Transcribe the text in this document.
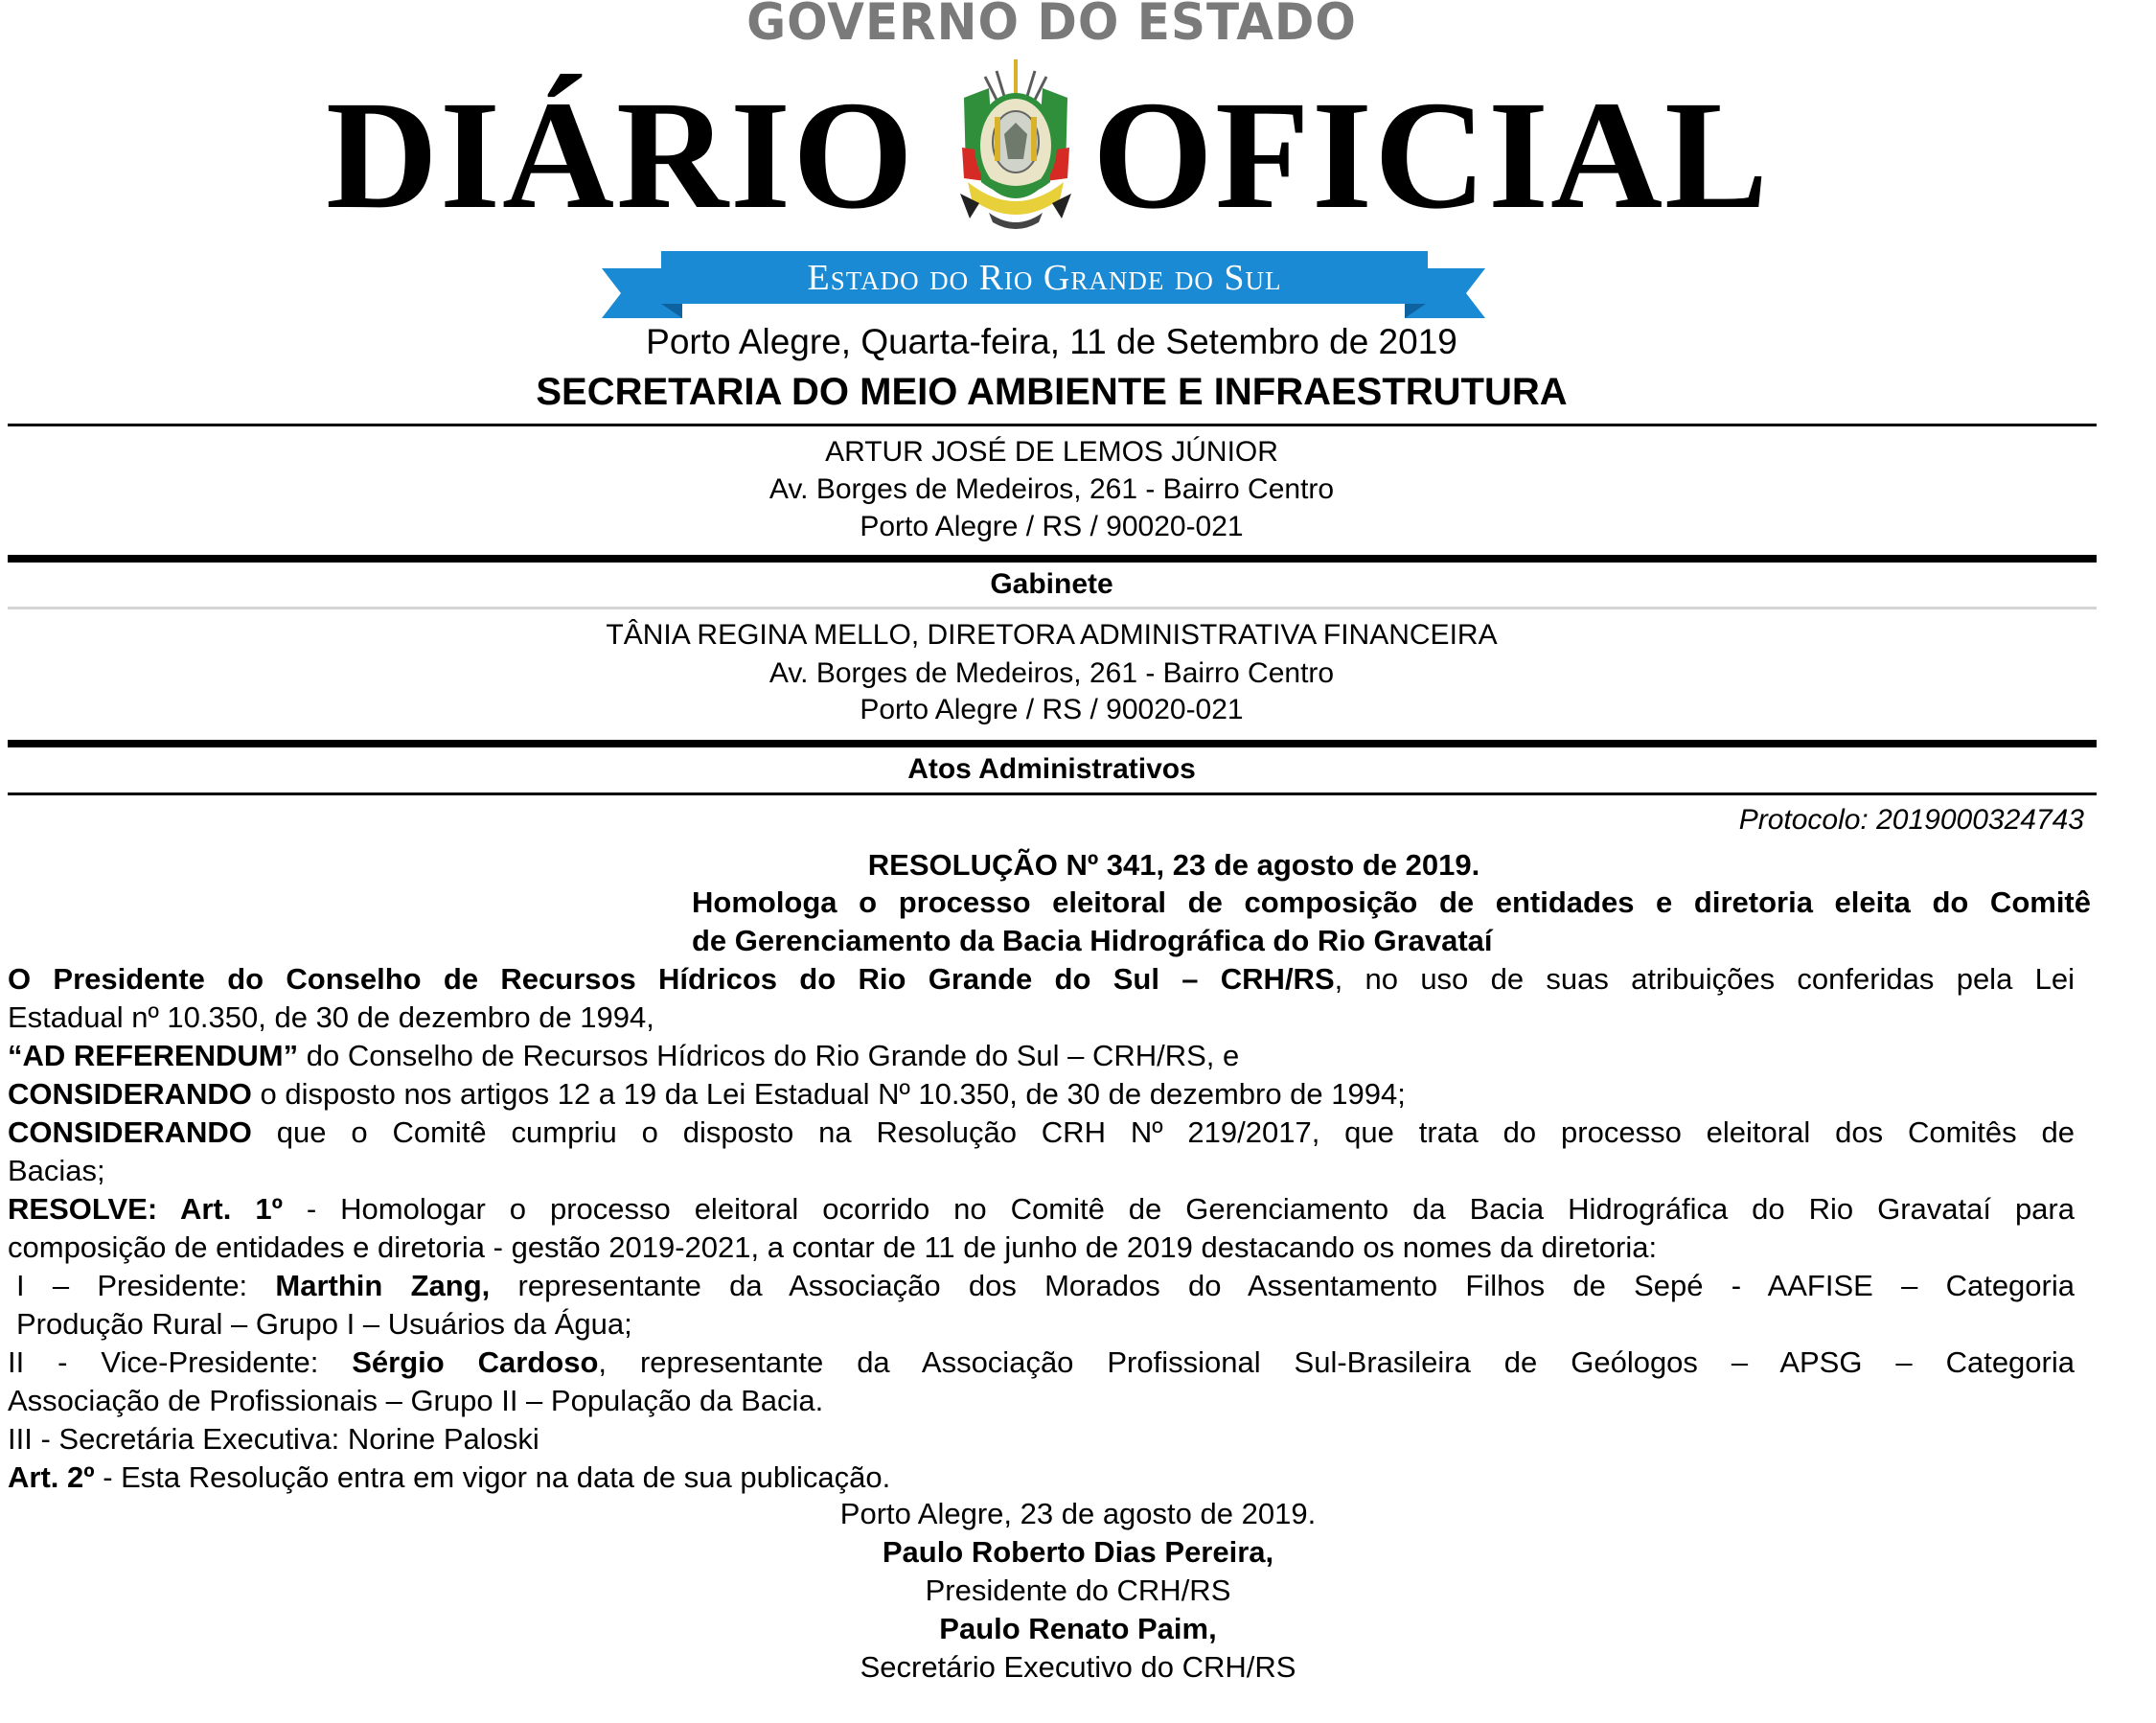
GOVERNO DO ESTADO
DIÁRIO OFICIAL
Estado do Rio Grande do Sul
Porto Alegre, Quarta-feira, 11 de Setembro de 2019
SECRETARIA DO MEIO AMBIENTE E INFRAESTRUTURA
ARTUR JOSÉ DE LEMOS JÚNIOR
Av. Borges de Medeiros, 261 - Bairro Centro
Porto Alegre / RS / 90020-021
Gabinete
TÂNIA REGINA MELLO, DIRETORA ADMINISTRATIVA FINANCEIRA
Av. Borges de Medeiros, 261 - Bairro Centro
Porto Alegre / RS / 90020-021
Atos Administrativos
Protocolo: 2019000324743
RESOLUÇÃO Nº 341, 23 de agosto de 2019.
Homologa o processo eleitoral de composição de entidades e diretoria eleita do Comitê
de Gerenciamento da Bacia Hidrográfica do Rio Gravataí
O Presidente do Conselho de Recursos Hídricos do Rio Grande do Sul – CRH/RS, no uso de suas atribuições conferidas pela Lei
Estadual nº 10.350, de 30 de dezembro de 1994,
“AD REFERENDUM” do Conselho de Recursos Hídricos do Rio Grande do Sul – CRH/RS, e
CONSIDERANDO o disposto nos artigos 12 a 19 da Lei Estadual Nº 10.350, de 30 de dezembro de 1994;
CONSIDERANDO que o Comitê cumpriu o disposto na Resolução CRH Nº 219/2017, que trata do processo eleitoral dos Comitês de
Bacias;
RESOLVE: Art. 1º - Homologar o processo eleitoral ocorrido no Comitê de Gerenciamento da Bacia Hidrográfica do Rio Gravataí para
composição de entidades e diretoria - gestão 2019-2021, a contar de 11 de junho de 2019 destacando os nomes da diretoria:
I – Presidente: Marthin Zang, representante da Associação dos Morados do Assentamento Filhos de Sepé - AAFISE – Categoria
Produção Rural – Grupo I – Usuários da Água;
II - Vice-Presidente: Sérgio Cardoso, representante da Associação Profissional Sul-Brasileira de Geólogos – APSG – Categoria
Associação de Profissionais – Grupo II – População da Bacia.
III - Secretária Executiva: Norine Paloski
Art. 2º - Esta Resolução entra em vigor na data de sua publicação.
Porto Alegre, 23 de agosto de 2019.
Paulo Roberto Dias Pereira,
Presidente do CRH/RS
Paulo Renato Paim,
Secretário Executivo do CRH/RS
